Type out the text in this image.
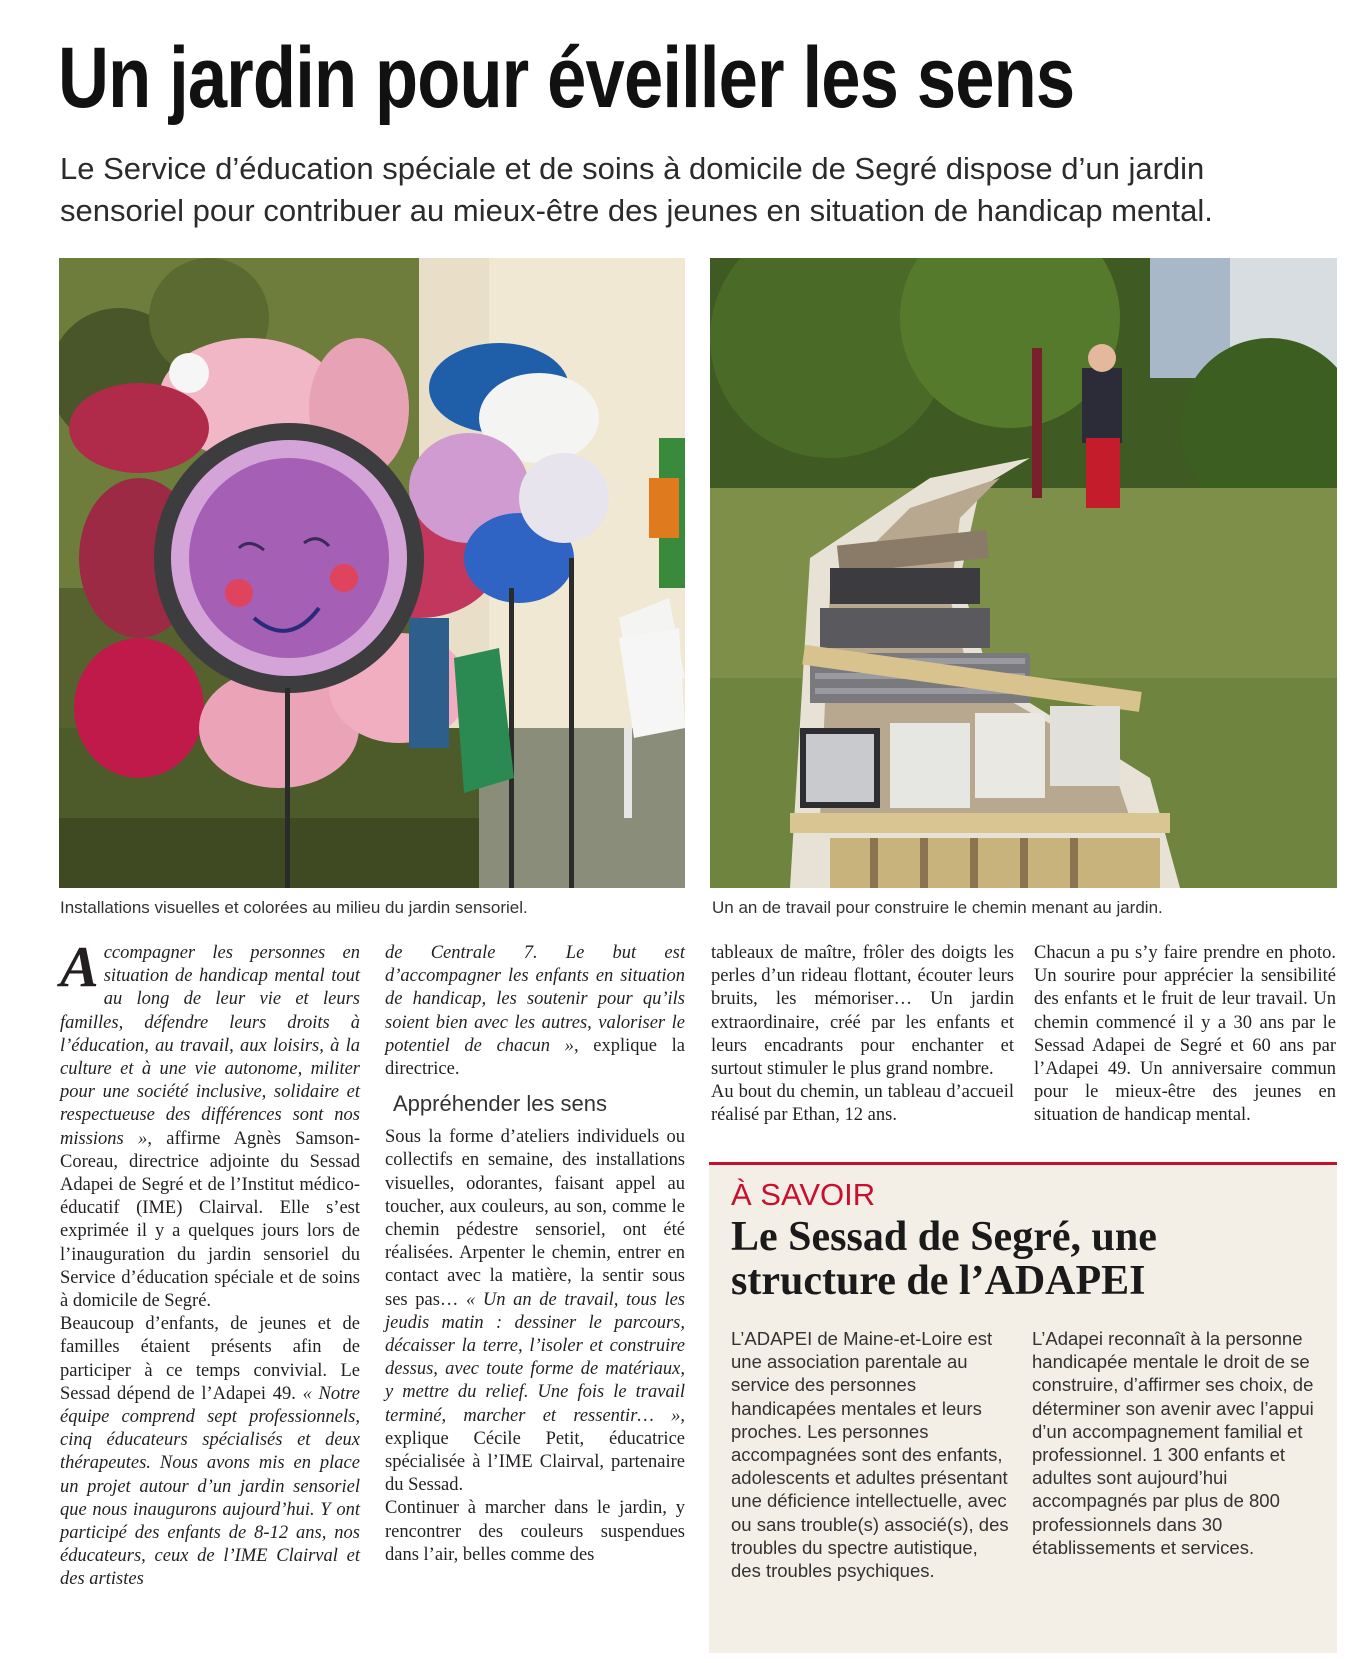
Un jardin pour éveiller les sens

Le Service d’éducation spéciale et de soins à domicile de Segré dispose d’un jardin sensoriel pour contribuer au mieux-être des jeunes en situation de handicap mental.

Installations visuelles et colorées au milieu du jardin sensoriel.	Un an de travail pour construire le chemin menant au jardin.

Accompagner les personnes en situation de handicap mental tout au long de leur vie et leurs familles, défendre leurs droits à l’éducation, au travail, aux loisirs, à la culture et à une vie autonome, militer pour une société inclusive, solidaire et respectueuse des différences sont nos missions », affirme Agnès Samson-Coreau, directrice adjointe du Sessad Adapei de Segré et de l’Institut médico-éducatif (IME) Clairval. Elle s’est exprimée il y a quelques jours lors de l’inauguration du jardin sensoriel du Service d’éducation spéciale et de soins à domicile de Segré.

Beaucoup d’enfants, de jeunes et de familles étaient présents afin de participer à ce temps convivial. Le Sessad dépend de l’Adapei 49. « Notre équipe comprend sept professionnels, cinq éducateurs spécialisés et deux thérapeutes. Nous avons mis en place un projet autour d’un jardin sensoriel que nous inaugurons aujourd’hui. Y ont participé des enfants de 8-12 ans, nos éducateurs, ceux de l’IME Clairval et des artistes

de Centrale 7. Le but est d’accompagner les enfants en situation de handicap, les soutenir pour qu’ils soient bien avec les autres, valoriser le potentiel de chacun », explique la directrice.

Appréhender les sens

Sous la forme d’ateliers individuels ou collectifs en semaine, des installations visuelles, odorantes, faisant appel au toucher, aux couleurs, au son, comme le chemin pédestre sensoriel, ont été réalisées. Arpenter le chemin, entrer en contact avec la matière, la sentir sous ses pas… « Un an de travail, tous les jeudis matin : dessiner le parcours, décaisser la terre, l’isoler et construire dessus, avec toute forme de matériaux, y mettre du relief. Une fois le travail terminé, marcher et ressentir… », explique Cécile Petit, éducatrice spécialisée à l’IME Clairval, partenaire du Sessad.

Continuer à marcher dans le jardin, y rencontrer des couleurs suspendues dans l’air, belles comme des

tableaux de maître, frôler des doigts les perles d’un rideau flottant, écouter leurs bruits, les mémoriser… Un jardin extraordinaire, créé par les enfants et leurs encadrants pour enchanter et surtout stimuler le plus grand nombre.

Au bout du chemin, un tableau d’accueil réalisé par Ethan, 12 ans.

Chacun a pu s’y faire prendre en photo. Un sourire pour apprécier la sensibilité des enfants et le fruit de leur travail. Un chemin commencé il y a 30 ans par le Sessad Adapei de Segré et 60 ans par l’Adapei 49. Un anniversaire commun pour le mieux-être des jeunes en situation de handicap mental.

À SAVOIR

Le Sessad de Segré, une structure de l’ADAPEI

L’ADAPEI de Maine-et-Loire est une association parentale au service des personnes handicapées mentales et leurs proches. Les personnes accompagnées sont des enfants, adolescents et adultes présentant une déficience intellectuelle, avec ou sans trouble(s) associé(s), des troubles du spectre autistique, des troubles psychiques.

L’Adapei reconnaît à la personne handicapée mentale le droit de se construire, d’affirmer ses choix, de déterminer son avenir avec l’appui d’un accompagnement familial et professionnel. 1 300 enfants et adultes sont aujourd’hui accompagnés par plus de 800 professionnels dans 30 établissements et services.
